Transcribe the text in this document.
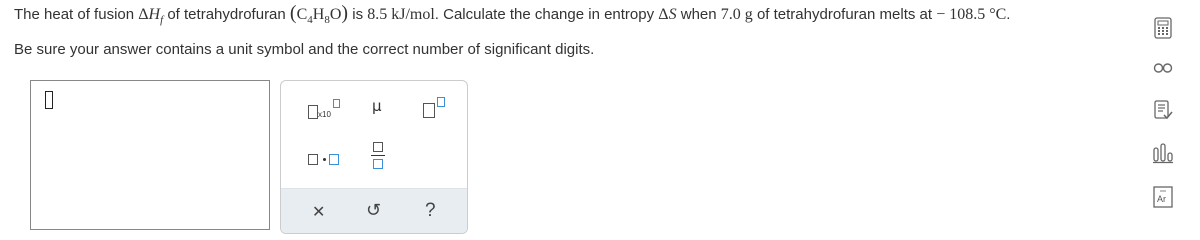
The heat of fusion $\Delta H_f$ of tetrahydrofuran $(C_4H_8O)$ is 8.5 kJ/mol. Calculate the change in entropy ΔS when 7.0 g of tetrahydrofuran melts at − 108.5 °C.
Be sure your answer contains a unit symbol and the correct number of significant digits.
x10	μ
✕ ↺ ?
Ar
